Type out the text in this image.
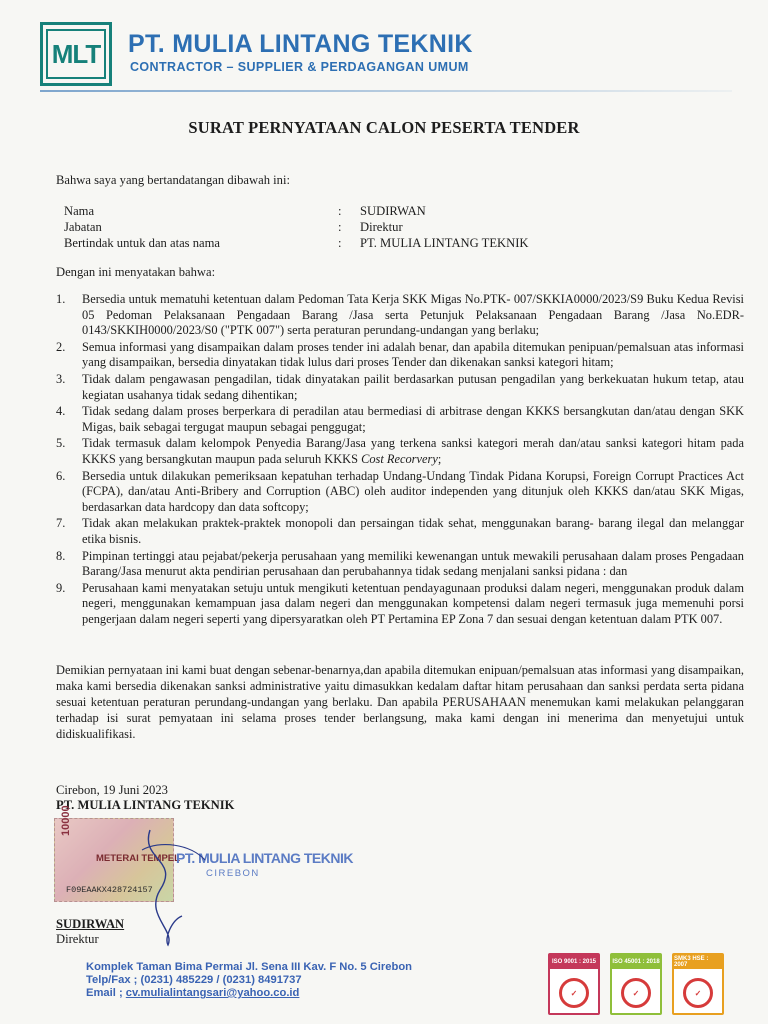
MLT PT. MULIA LINTANG TEKNIK
CONTRACTOR – SUPPLIER & PERDAGANGAN UMUM
SURAT PERNYATAAN CALON PESERTA TENDER
Bahwa saya yang bertandatangan dibawah ini:
Nama	:	SUDIRWAN
Jabatan	:	Direktur
Bertindak untuk dan atas nama	:	PT. MULIA LINTANG TEKNIK
Dengan ini menyatakan bahwa:
1.	Bersedia untuk mematuhi ketentuan dalam Pedoman Tata Kerja SKK Migas No.PTK- 007/SKKIA0000/2023/S9 Buku Kedua Revisi 05 Pedoman Pelaksanaan Pengadaan Barang /Jasa serta Petunjuk Pelaksanaan Pengadaan Barang /Jasa No.EDR-0143/SKKIH0000/2023/S0 ("PTK 007") serta peraturan perundang-undangan yang berlaku;
2.	Semua informasi yang disampaikan dalam proses tender ini adalah benar, dan apabila ditemukan penipuan/pemalsuan atas informasi yang disampaikan, bersedia dinyatakan tidak lulus dari proses Tender dan dikenakan sanksi kategori hitam;
3.	Tidak dalam pengawasan pengadilan, tidak dinyatakan pailit berdasarkan putusan pengadilan yang berkekuatan hukum tetap, atau kegiatan usahanya tidak sedang dihentikan;
4.	Tidak sedang dalam proses berperkara di peradilan atau bermediasi di arbitrase dengan KKKS bersangkutan dan/atau dengan SKK Migas, baik sebagai tergugat maupun sebagai penggugat;
5.	Tidak termasuk dalam kelompok Penyedia Barang/Jasa yang terkena sanksi kategori merah dan/atau sanksi kategori hitam pada KKKS yang bersangkutan maupun pada seluruh KKKS Cost Recorvery;
6.	Bersedia untuk dilakukan pemeriksaan kepatuhan terhadap Undang-Undang Tindak Pidana Korupsi, Foreign Corrupt Practices Act (FCPA), dan/atau Anti-Bribery and Corruption (ABC) oleh auditor independen yang ditunjuk oleh KKKS dan/atau SKK Migas, berdasarkan data hardcopy dan data softcopy;
7.	Tidak akan melakukan praktek-praktek monopoli dan persaingan tidak sehat, menggunakan barang- barang ilegal dan melanggar etika bisnis.
8.	Pimpinan tertinggi atau pejabat/pekerja perusahaan yang memiliki kewenangan untuk mewakili perusahaan dalam proses Pengadaan Barang/Jasa menurut akta pendirian perusahaan dan perubahannya tidak sedang menjalani sanksi pidana : dan
9.	Perusahaan kami menyatakan setuju untuk mengikuti ketentuan pendayagunaan produksi dalam negeri, menggunakan produk dalam negeri, menggunakan kemampuan jasa dalam negeri dan menggunakan kompetensi dalam negeri termasuk juga memenuhi porsi pengerjaan dalam negeri seperti yang dipersyaratkan oleh PT Pertamina EP Zona 7 dan sesuai dengan ketentuan dalam PTK 007.
Demikian pernyataan ini kami buat dengan sebenar-benarnya,dan apabila ditemukan enipuan/pemalsuan atas informasi yang disampaikan, maka kami bersedia dikenakan sanksi administrative yaitu dimasukkan kedalam daftar hitam perusahaan dan sanksi perdata serta pidana sesuai ketentuan peraturan perundang-undangan yang berlaku. Dan apabila PERUSAHAAN menemukan kami melakukan pelanggaran terhadap isi surat pemyataan ini selama proses tender berlangsung, maka kami dengan ini menerima dan menyetujui untuk didiskualifikasi.
Cirebon, 19 Juni 2023
PT. MULIA LINTANG TEKNIK
10000
METERAI TEMPEL
F09EAAKX428724157
PT. MULIA LINTANG TEKNIK
CIREBON
SUDIRWAN
Direktur
Komplek Taman Bima Permai Jl. Sena III Kav. F No. 5 Cirebon
Telp/Fax ; (0231) 485229 / (0231) 8491737
Email ; cv.mulialintangsari@yahoo.co.id
ISO 9001 : 2015
✓
ISO 45001 : 2018
✓
SMK3 HSE : 2007
✓
